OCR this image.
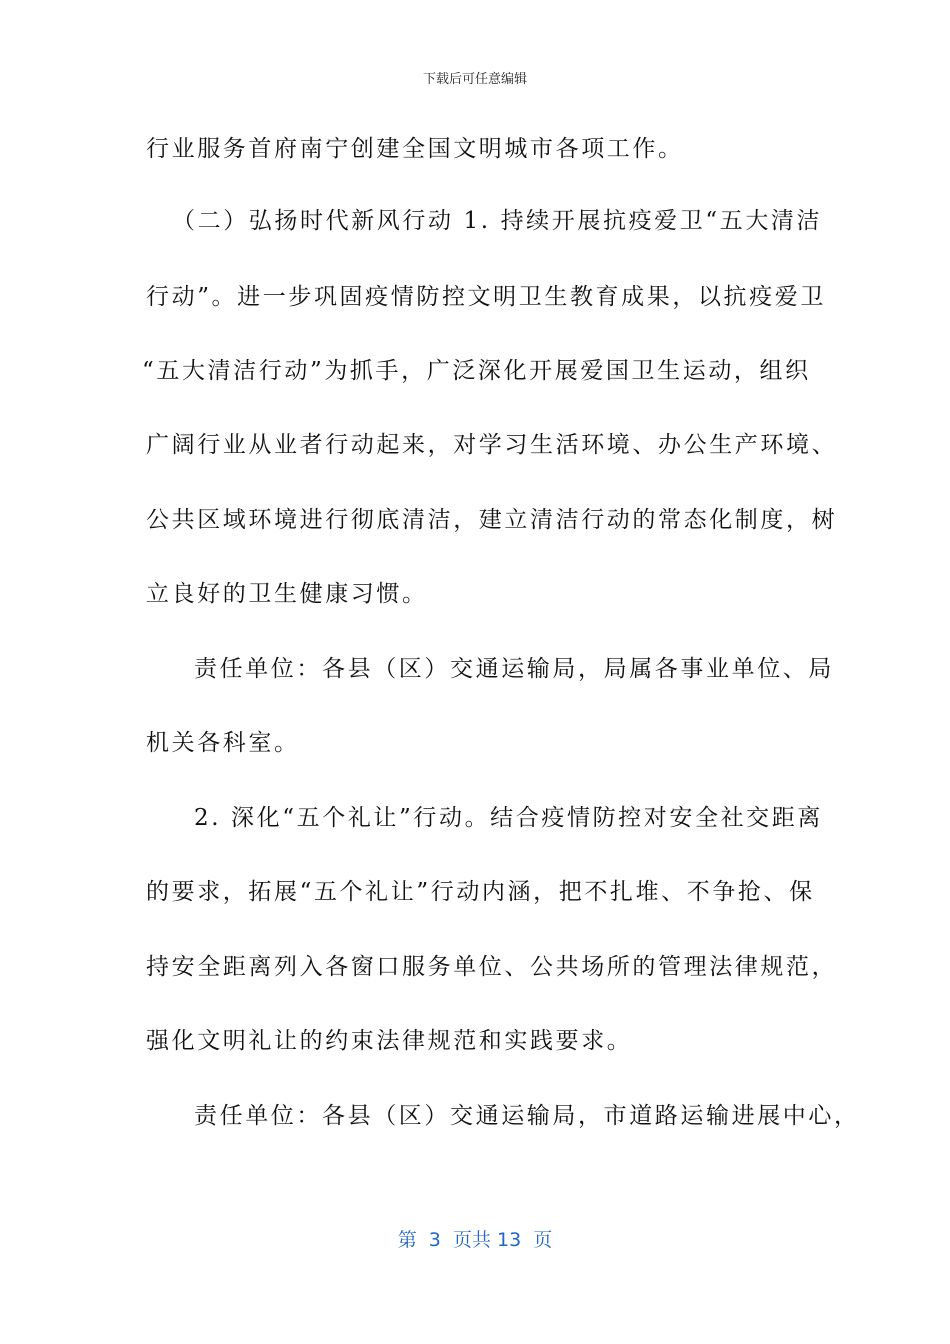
下载后可任意编辑
行业服务首府南宁创建全国文明城市各项工作。
（二）弘扬时代新风行动 1. 持续开展抗疫爱卫“五大清洁
行动”。进一步巩固疫情防控文明卫生教育成果，以抗疫爱卫
“五大清洁行动”为抓手，广泛深化开展爱国卫生运动，组织
广阔行业从业者行动起来，对学习生活环境、办公生产环境、
公共区域环境进行彻底清洁，建立清洁行动的常态化制度，树
立良好的卫生健康习惯。
责任单位：各县（区）交通运输局，局属各事业单位、局
机关各科室。
2. 深化“五个礼让”行动。结合疫情防控对安全社交距离
的要求，拓展“五个礼让”行动内涵，把不扎堆、不争抢、保
持安全距离列入各窗口服务单位、公共场所的管理法律规范，
强化文明礼让的约束法律规范和实践要求。
责任单位：各县（区）交通运输局，市道路运输进展中心，
第  3  页共 13  页
